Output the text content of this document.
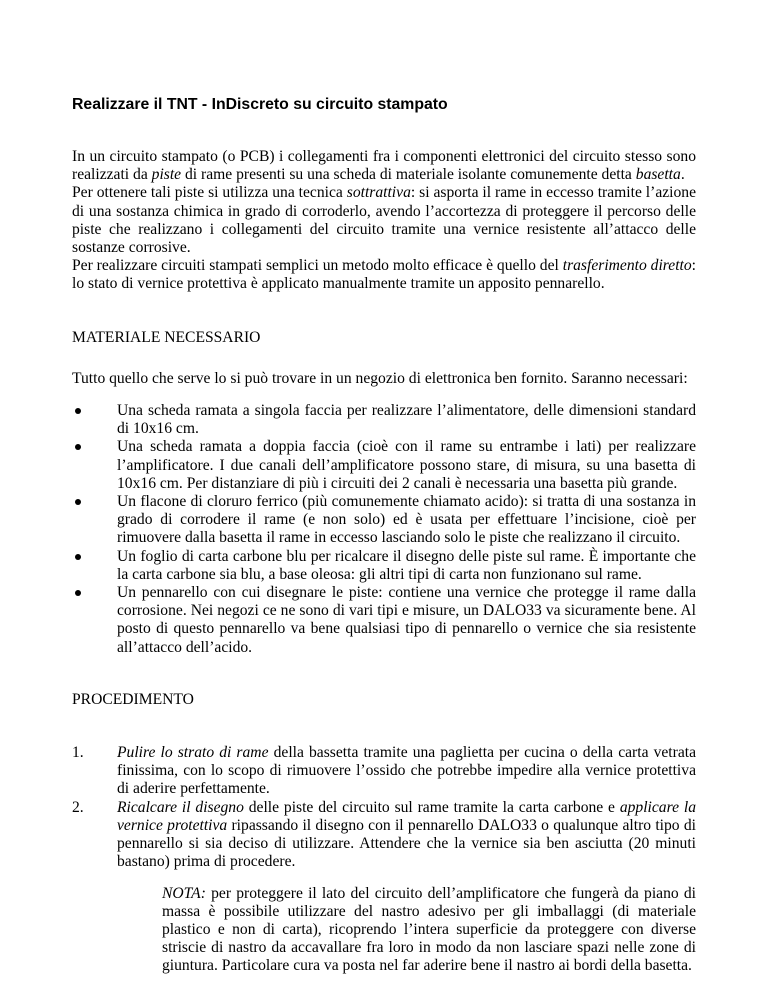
Realizzare il TNT - InDiscreto su circuito stampato

In un circuito stampato (o PCB) i collegamenti fra i componenti elettronici del circuito stesso sono realizzati da piste di rame presenti su una scheda di materiale isolante comunemente detta basetta.
Per ottenere tali piste si utilizza una tecnica sottrattiva: si asporta il rame in eccesso tramite l’azione di una sostanza chimica in grado di corroderlo, avendo l’accortezza di proteggere il percorso delle piste che realizzano i collegamenti del circuito tramite una vernice resistente all’attacco delle sostanze corrosive.
Per realizzare circuiti stampati semplici un metodo molto efficace è quello del trasferimento diretto: lo stato di vernice protettiva è applicato manualmente tramite un apposito pennarello.

MATERIALE NECESSARIO

Tutto quello che serve lo si può trovare in un negozio di elettronica ben fornito. Saranno necessari:

Una scheda ramata a singola faccia per realizzare l’alimentatore, delle dimensioni standard di 10x16 cm.
Una scheda ramata a doppia faccia (cioè con il rame su entrambe i lati) per realizzare l’amplificatore. I due canali dell’amplificatore possono stare, di misura, su una basetta di 10x16 cm. Per distanziare di più i circuiti dei 2 canali è necessaria una basetta più grande.
Un flacone di cloruro ferrico (più comunemente chiamato acido): si tratta di una sostanza in grado di corrodere il rame (e non solo) ed è usata per effettuare l’incisione, cioè per rimuovere dalla basetta il rame in eccesso lasciando solo le piste che realizzano il circuito.
Un foglio di carta carbone blu per ricalcare il disegno delle piste sul rame. È importante che la carta carbone sia blu, a base oleosa: gli altri tipi di carta non funzionano sul rame.
Un pennarello con cui disegnare le piste: contiene una vernice che protegge il rame dalla corrosione. Nei negozi ce ne sono di vari tipi e misure, un DALO33 va sicuramente bene. Al posto di questo pennarello va bene qualsiasi tipo di pennarello o vernice che sia resistente all’attacco dell’acido.

PROCEDIMENTO

1. Pulire lo strato di rame della bassetta tramite una paglietta per cucina o della carta vetrata finissima, con lo scopo di rimuovere l’ossido che potrebbe impedire alla vernice protettiva di aderire perfettamente.
2. Ricalcare il disegno delle piste del circuito sul rame tramite la carta carbone e applicare la vernice protettiva ripassando il disegno con il pennarello DALO33 o qualunque altro tipo di pennarello si sia deciso di utilizzare. Attendere che la vernice sia ben asciutta (20 minuti bastano) prima di procedere.

NOTA: per proteggere il lato del circuito dell’amplificatore che fungerà da piano di massa è possibile utilizzare del nastro adesivo per gli imballaggi (di materiale plastico e non di carta), ricoprendo l’intera superficie da proteggere con diverse striscie di nastro da accavallare fra loro in modo da non lasciare spazi nelle zone di giuntura. Particolare cura va posta nel far aderire bene il nastro ai bordi della basetta.
